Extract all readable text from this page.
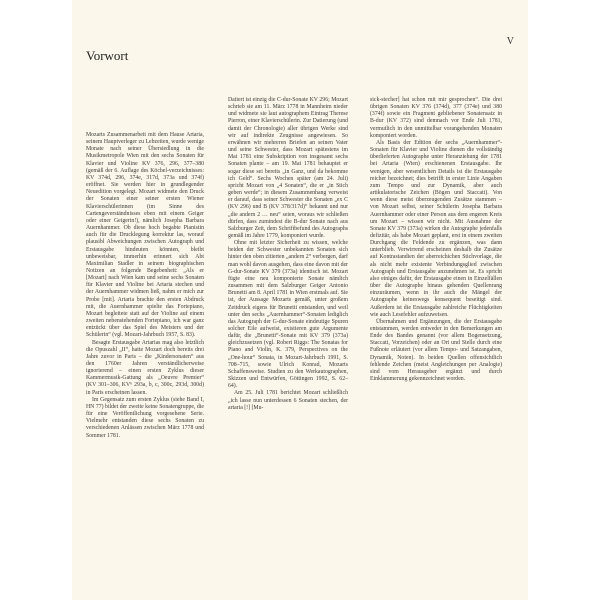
V
Vorwort

Mozarts Zusammenarbeit mit dem Hause Artaria, seinem Hauptverleger zu Lebzeiten, wurde wenige Monate nach seiner Übersiedlung in die Musikmetropole Wien mit den sechs Sonaten für Klavier und Violine KV 376, 296, 377–380 (gemäß der 6. Auflage des Köchel-verzeichnisses: KV 374d, 296, 374e, 317d, 373a und 374f) eröffnet. Sie werden hier in grundlegender Neuedition vorgelegt. Mozart widmete den Druck der Sonaten einer seiner ersten Wiener Klavierschülerinnen (im Sinne des Cartengeverständnisses eben mit einem Geiger oder einer Geigerin!), nämlich Josepha Barbara Auernhammer. Ob diese hoch begabte Pianistin auch für die Drucklegung korrektur las, worauf plausibl Abweichungen zwischen Autograph und Erstausgabe hindeuten könnten, bleibt unbeweisbar, immerhin erinnert sich Abt Maximilian Stadler in seinem biographischen Notizen an folgende Begebenheit: „Als er [Mozart] nach Wien kam und seine sechs Sonaten für Klavier und Violine bei Artaria stechen und der Auernhammer widmen ließ, nahm er mich zur Probe [mit]. Artaria brachte den ersten Abdruck mit, die Auernhammer spielte das Fortepiano, Mozart begleitete statt auf der Violine auf einem zweiten nebenstehenden Fortepiano, ich war ganz entzückt über das Spiel des Meisters und der Schülerin“ (vgl. Mozart-Jahrbuch 1957, S. 83).

Besagte Erstausgabe Artarias mag also letztlich die Opuszahl „II“, hatte Mozart doch bereits drei Jahre zuvor in Paris – die „Kindersonaten“ aus den 1760er Jahren verständlicherweise ignorierend – einen ersten Zyklus dieser Kammermusik-Gattung als „Oeuvre Premier“ (KV 301–306, KV⁶ 293a, b, c, 300c, 293d, 300d) in Paris erscheinen lassen.

Im Gegensatz zum ersten Zyklus (siehe Band I, HN 77) bildet der zweite keine Sonatengruppe, die für eine Veröffentlichung vorgesehene Serie. Vielmehr entstanden diese sechs Sonaten zu verschiedenen Anlässen zwischen März 1778 und Sommer 1781.

Datiert ist einzig die C-dur-Sonate KV 296; Mozart schrieb sie am 11. März 1778 in Mannheim nieder und widmete sie laut autographem Eintrag Therese Pierron, einer Klavierschülerin. Zur Datierung (und damit der Chronologie) aller übrigen Werke sind wir auf indirekte Zeugnisse angewiesen. So erwähnen wir mehreren Briefen an seinen Vater und seine Schwester, dass Mozart spätestens im Mai 1781 eine Subskription von insgesamt sechs Sonaten plante – am 19. Mai 1781 behauptet er sogar diese sei bereits „in Ganz, und da bekomme ich Geld“. Sechs Wochen später (am 24. Juli) spricht Mozart von „4 Sonaten“, die er „in Stich geben werde“; in diesem Zusammenhang verweist er darauf, dass seiner Schwester die Sonaten „ex C (KV 296) und B (KV 378/317d)“ bekannt und nur „die andern 2 … neu“ seien, woraus wir schließen dürfen, dass zumindest die B-dur Sonate nach aus Salzburger Zeit, dem Schriftbefund des Autographs gemäß im Jahre 1779, komponiert wurde.

Ohne mit letzter Sicherheit zu wissen, welche beiden der Schwester unbekannten Sonaten sich hinter den oben zitierten „andern 2“ verbergen, darf man wohl davon ausgehen, dass eine davon mit der G-dur-Sonate KV 379 (373a) identisch ist. Mozart fügte eine neu komponierte Sonate nämlich zusammen mit dem Salzburger Geiger Antonio Brunetti am 8. April 1781 in Wien erstmals auf. Sie ist, der Aussage Mozarts gemäß, unter großem Zeitdruck eigens für Brunetti entstanden, und weil unter den sechs „Auernhammer“-Sonaten lediglich das Autograph der G-dur-Sonate eindeutige Spuren solcher Eile aufweist, existieren gute Argumente dafür, die „Brunetti“-Sonate mit KV 379 (373a) gleichzusetzen (vgl. Robert Riggs: The Sonatas for Piano and Violin, K. 379, Perspectives on the „One-hour“ Sonata, in Mozart-Jahrbuch 1991, S. 708–715, sowie Ulrich Konrad, Mozarts Schaffensweise. Studien zu den Werkautographen, Skizzen und Entwürfen, Göttingen 1992, S. 62–64).

Am 25. Juli 1781 berichtet Mozart schließlich „ich lasse nun unterdessen 6 Sonaten stechen, der artaria [!] [Mu-

sick-stecher] hat schon mit mir gesprochen“. Die drei übrigen Sonaten KV 376 (374d), 377 (374e) und 380 (374f) sowie ein Fragment gebliebener Sonatensatz in B-dur (KV 372) sind demnach vor Ende Juli 1781, vermutlich in den unmittelbar vorangehenden Monaten komponiert worden.

Als Basis der Edition der sechs „Auernhammer“-Sonaten für Klavier und Violine dienen die vollständig überlieferten Autographe unter Heranziehung der 1781 bei Artaria (Wien) erschienenen Erstausgabe. Ihr wenigen, aber wesentlichen Details ist die Erstausgabe reicher bezeichnet; dies betrifft in erster Linie Angaben zum Tempo und zur Dynamik, aber auch artikulatorische Zeichen (Bögen und Staccati). Von wenn diese meist überzeugenden Zusätze stammen – von Mozart selbst, seiner Schülerin Josepha Barbara Auernhammer oder einer Person aus dem engeren Kreis um Mozart – wissen wir nicht. Mit Ausnahme der Sonate KV 379 (373a) wirken die Autographe jedenfalls defizitär, als habe Mozart geplant, erst in einem zweiten Durchgang die Feldende zu ergänzen, was dann unterblieb. Verwirrend erscheinen deshalb die Zusätze auf Kontrastandien der aberreichichen Stichvorlage, die als nicht mehr existente Verbindungsglied zwischen Autograph und Erstausgabe anzunehmen ist. Es spricht also einiges dafür, der Erstausgabe einen in Einzelfällen über die Autographe hinaus gehenden Quellenrang einzuräumen, wenn in ihr auch die Mängel der Autographe keineswegs konsequent beseitigt sind. Außerdem ist die Erstausgabe zahlreiche Flüchtigkeiten wie auch Lesefehler aufzuweisen.

Übernahmen und Ergänzungen, die der Erstausgabe entstammen, werden entweder in den Bemerkungen am Ende des Bandes genannt (vor allem Bogensetzung, Staccati, Vorzeichen) oder an Ort und Stelle durch eine Fußnote erläutert (vor allem Tempo- und Satzangaben, Dynamik, Noten). In beiden Quellen offensichtlich fehlende Zeichen (meist Angleichungen per Analogie) sind vom Herausgeber ergänzt und durch Einklammerung gekennzeichnet worden.
